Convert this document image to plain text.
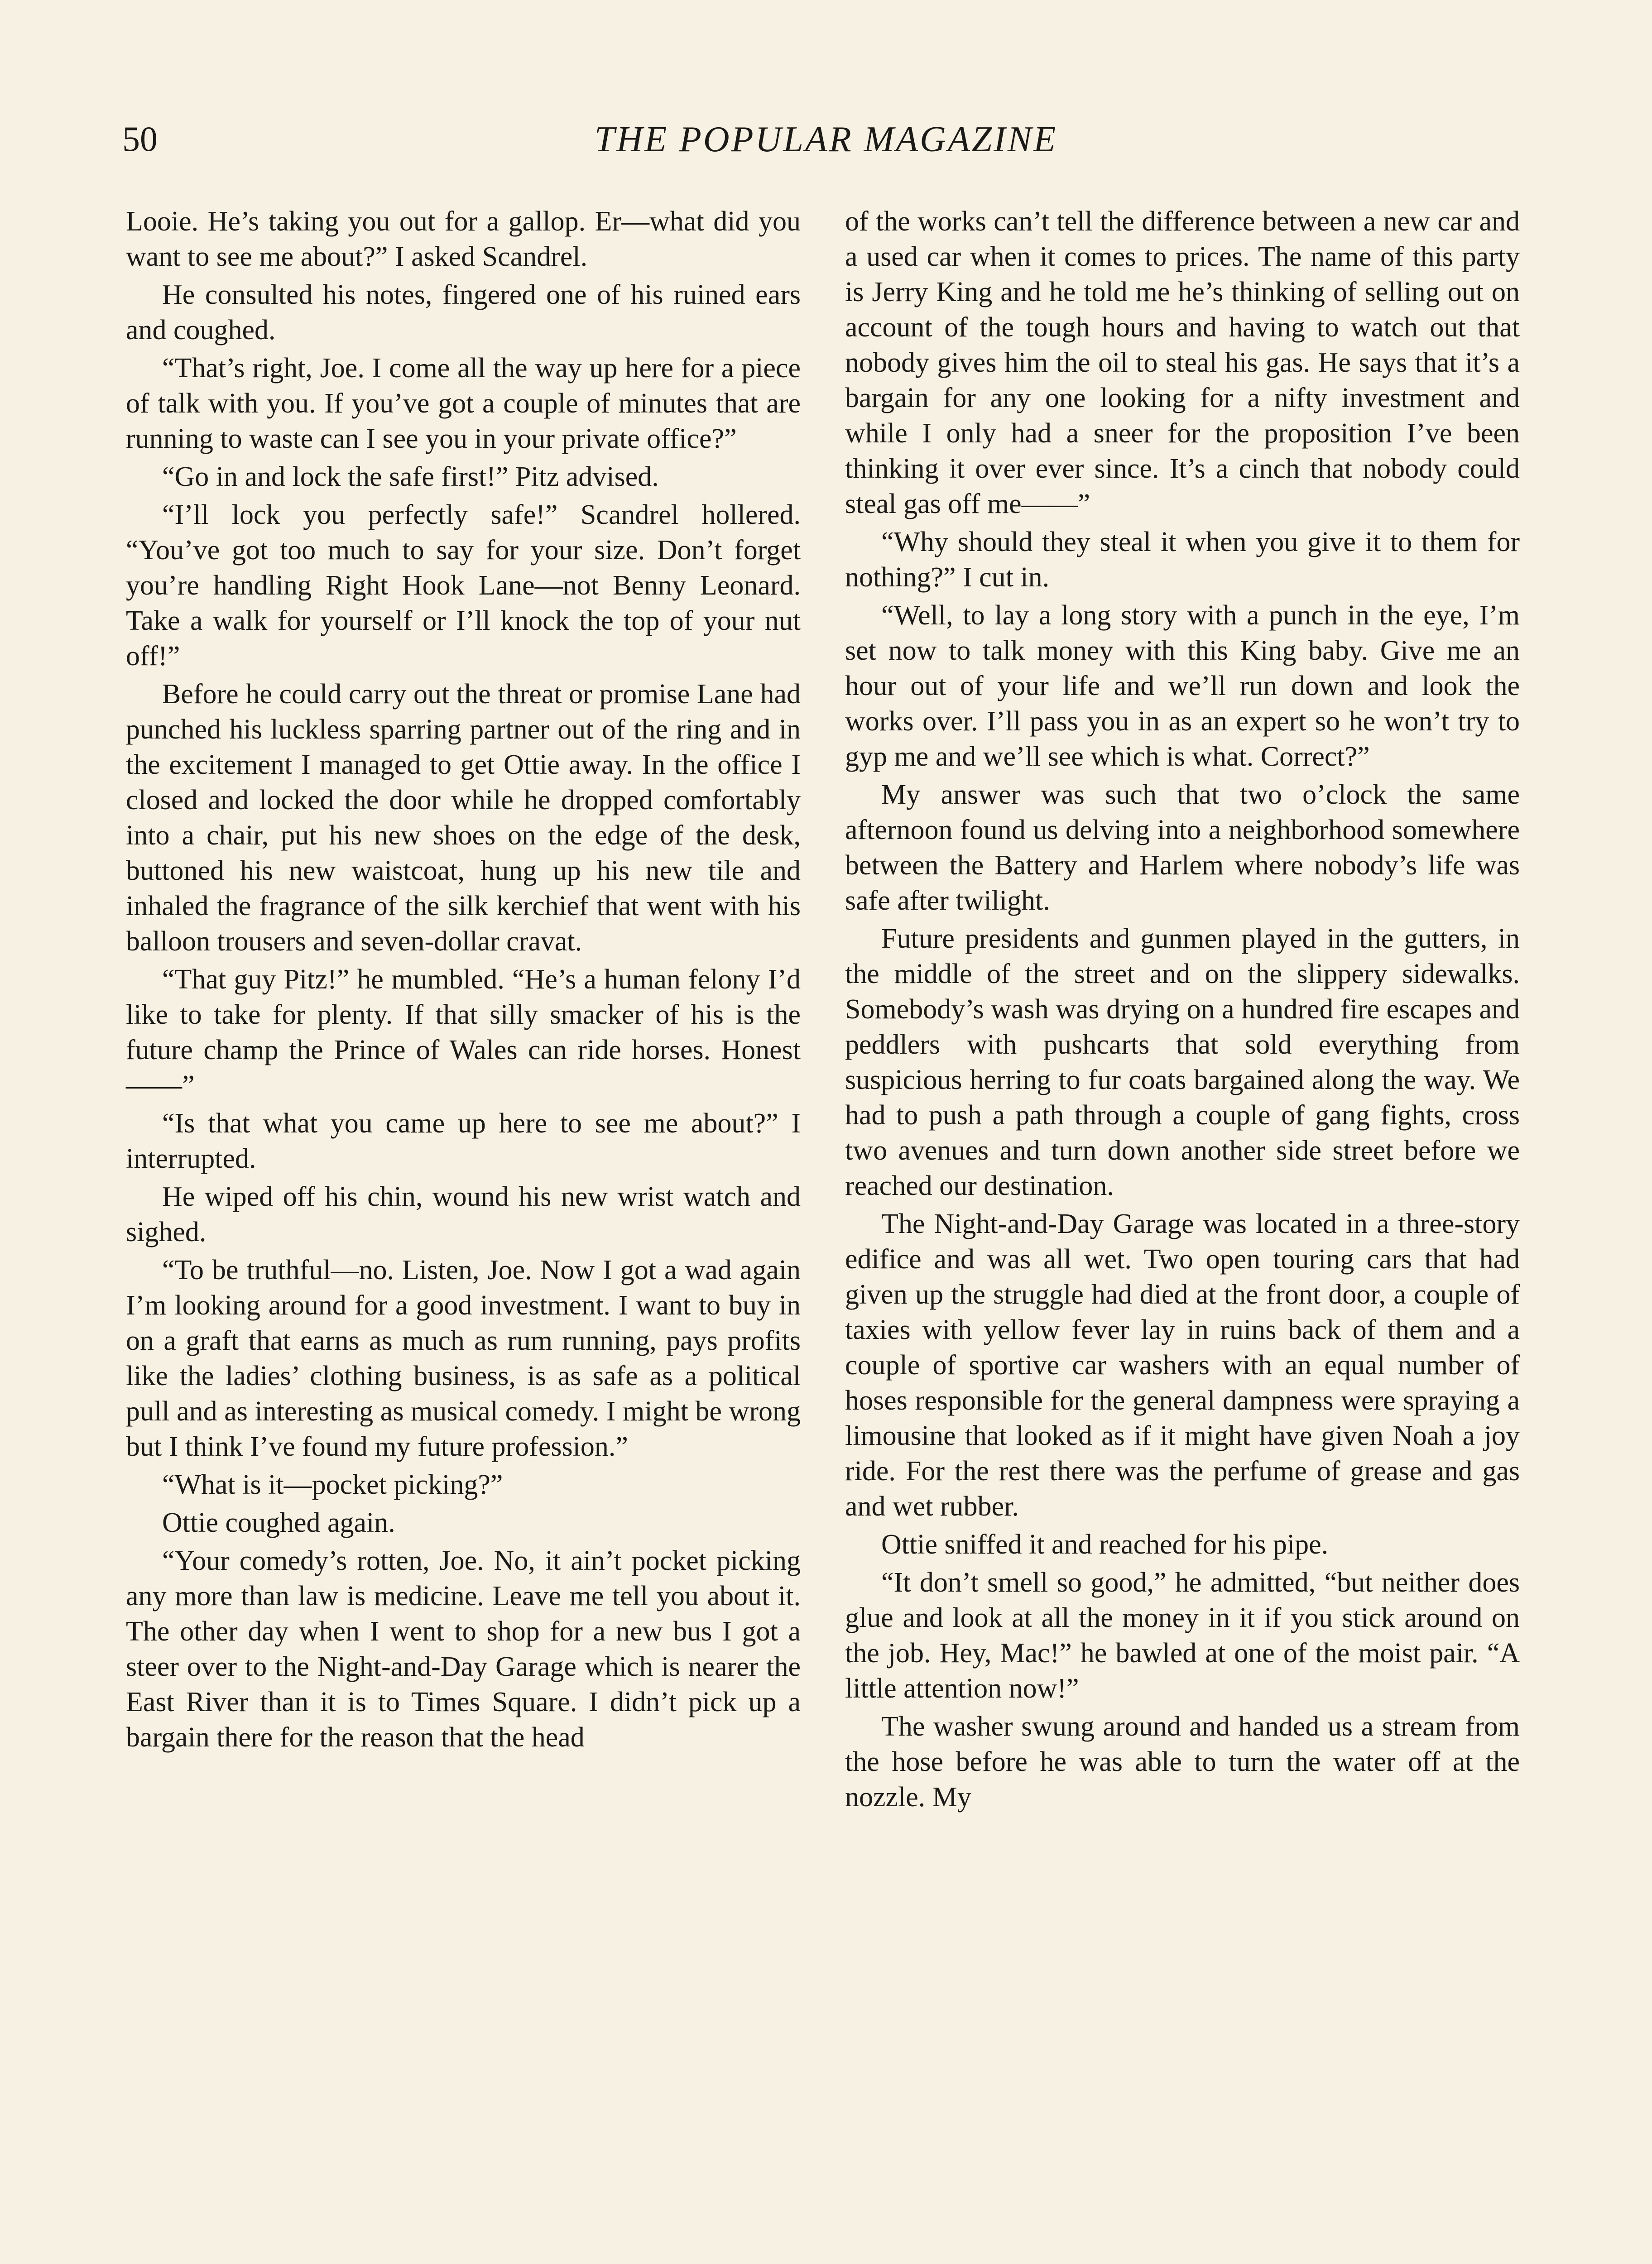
50	THE POPULAR MAGAZINE

Looie. He’s taking you out for a gallop. Er—what did you want to see me about?” I asked Scandrel.

He consulted his notes, fingered one of his ruined ears and coughed.

“That’s right, Joe. I come all the way up here for a piece of talk with you. If you’ve got a couple of minutes that are running to waste can I see you in your private office?”

“Go in and lock the safe first!” Pitz advised.

“I’ll lock you perfectly safe!” Scandrel hollered. “You’ve got too much to say for your size. Don’t forget you’re handling Right Hook Lane—not Benny Leonard. Take a walk for yourself or I’ll knock the top of your nut off!”

Before he could carry out the threat or promise Lane had punched his luckless sparring partner out of the ring and in the excitement I managed to get Ottie away. In the office I closed and locked the door while he dropped comfortably into a chair, put his new shoes on the edge of the desk, buttoned his new waistcoat, hung up his new tile and inhaled the fragrance of the silk kerchief that went with his balloon trousers and seven-dollar cravat.

“That guy Pitz!” he mumbled. “He’s a human felony I’d like to take for plenty. If that silly smacker of his is the future champ the Prince of Wales can ride horses. Honest——”

“Is that what you came up here to see me about?” I interrupted.

He wiped off his chin, wound his new wrist watch and sighed.

“To be truthful—no. Listen, Joe. Now I got a wad again I’m looking around for a good investment. I want to buy in on a graft that earns as much as rum running, pays profits like the ladies’ clothing business, is as safe as a political pull and as interesting as musical comedy. I might be wrong but I think I’ve found my future profession.”

“What is it—pocket picking?”

Ottie coughed again.

“Your comedy’s rotten, Joe. No, it ain’t pocket picking any more than law is medicine. Leave me tell you about it. The other day when I went to shop for a new bus I got a steer over to the Night-and-Day Garage which is nearer the East River than it is to Times Square. I didn’t pick up a bargain there for the reason that the head

of the works can’t tell the difference between a new car and a used car when it comes to prices. The name of this party is Jerry King and he told me he’s thinking of selling out on account of the tough hours and having to watch out that nobody gives him the oil to steal his gas. He says that it’s a bargain for any one looking for a nifty investment and while I only had a sneer for the proposition I’ve been thinking it over ever since. It’s a cinch that nobody could steal gas off me——”

“Why should they steal it when you give it to them for nothing?” I cut in.

“Well, to lay a long story with a punch in the eye, I’m set now to talk money with this King baby. Give me an hour out of your life and we’ll run down and look the works over. I’ll pass you in as an expert so he won’t try to gyp me and we’ll see which is what. Correct?”

My answer was such that two o’clock the same afternoon found us delving into a neighborhood somewhere between the Battery and Harlem where nobody’s life was safe after twilight.

Future presidents and gunmen played in the gutters, in the middle of the street and on the slippery sidewalks. Somebody’s wash was drying on a hundred fire escapes and peddlers with pushcarts that sold everything from suspicious herring to fur coats bargained along the way. We had to push a path through a couple of gang fights, cross two avenues and turn down another side street before we reached our destination.

The Night-and-Day Garage was located in a three-story edifice and was all wet. Two open touring cars that had given up the struggle had died at the front door, a couple of taxies with yellow fever lay in ruins back of them and a couple of sportive car washers with an equal number of hoses responsible for the general dampness were spraying a limousine that looked as if it might have given Noah a joy ride. For the rest there was the perfume of grease and gas and wet rubber.

Ottie sniffed it and reached for his pipe.

“It don’t smell so good,” he admitted, “but neither does glue and look at all the money in it if you stick around on the job. Hey, Mac!” he bawled at one of the moist pair. “A little attention now!”

The washer swung around and handed us a stream from the hose before he was able to turn the water off at the nozzle. My
